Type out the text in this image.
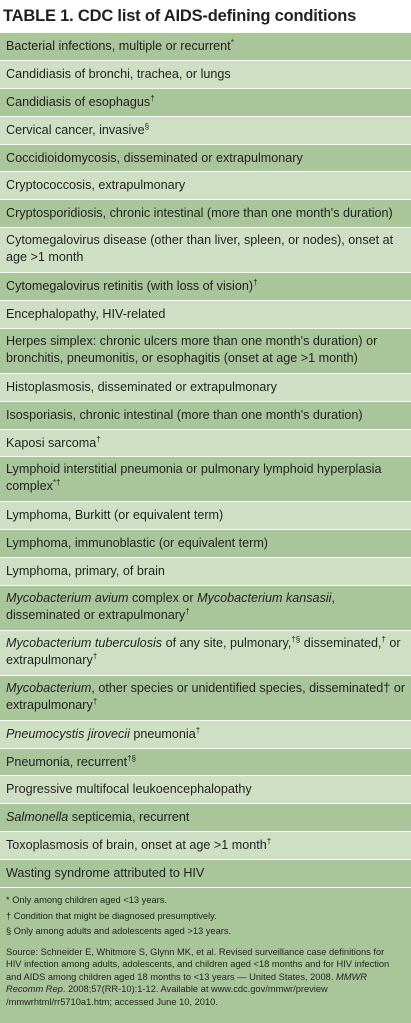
TABLE 1. CDC list of AIDS-defining conditions
Bacterial infections, multiple or recurrent*
Candidiasis of bronchi, trachea, or lungs
Candidiasis of esophagus†
Cervical cancer, invasive§
Coccidioidomycosis, disseminated or extrapulmonary
Cryptococcosis, extrapulmonary
Cryptosporidiosis, chronic intestinal (more than one month's duration)
Cytomegalovirus disease (other than liver, spleen, or nodes), onset at age >1 month
Cytomegalovirus retinitis (with loss of vision)†
Encephalopathy, HIV-related
Herpes simplex: chronic ulcers more than one month's duration) or bronchitis, pneumonitis, or esophagitis (onset at age >1 month)
Histoplasmosis, disseminated or extrapulmonary
Isosporiasis, chronic intestinal (more than one month's duration)
Kaposi sarcoma†
Lymphoid interstitial pneumonia or pulmonary lymphoid hyperplasia complex*†
Lymphoma, Burkitt (or equivalent term)
Lymphoma, immunoblastic (or equivalent term)
Lymphoma, primary, of brain
Mycobacterium avium complex or Mycobacterium kansasii, disseminated or extrapulmonary†
Mycobacterium tuberculosis of any site, pulmonary,†§ disseminated,† or extrapulmonary†
Mycobacterium, other species or unidentified species, disseminated† or extrapulmonary†
Pneumocystis jirovecii pneumonia†
Pneumonia, recurrent†§
Progressive multifocal leukoencephalopathy
Salmonella septicemia, recurrent
Toxoplasmosis of brain, onset at age >1 month†
Wasting syndrome attributed to HIV
* Only among children aged <13 years.
† Condition that might be diagnosed presumptively.
§ Only among adults and adolescents aged >13 years.
Source: Schneider E, Whitmore S, Glynn MK, et al. Revised surveillance case definitions for HIV infection among adults, adolescents, and children aged <18 months and for HIV infection and AIDS among children aged 18 months to <13 years — United States, 2008. MMWR Recomm Rep. 2008;57(RR-10):1-12. Available at www.cdc.gov/mmwr/preview /mmwrhtml/rr5710a1.htm; accessed June 10, 2010.
